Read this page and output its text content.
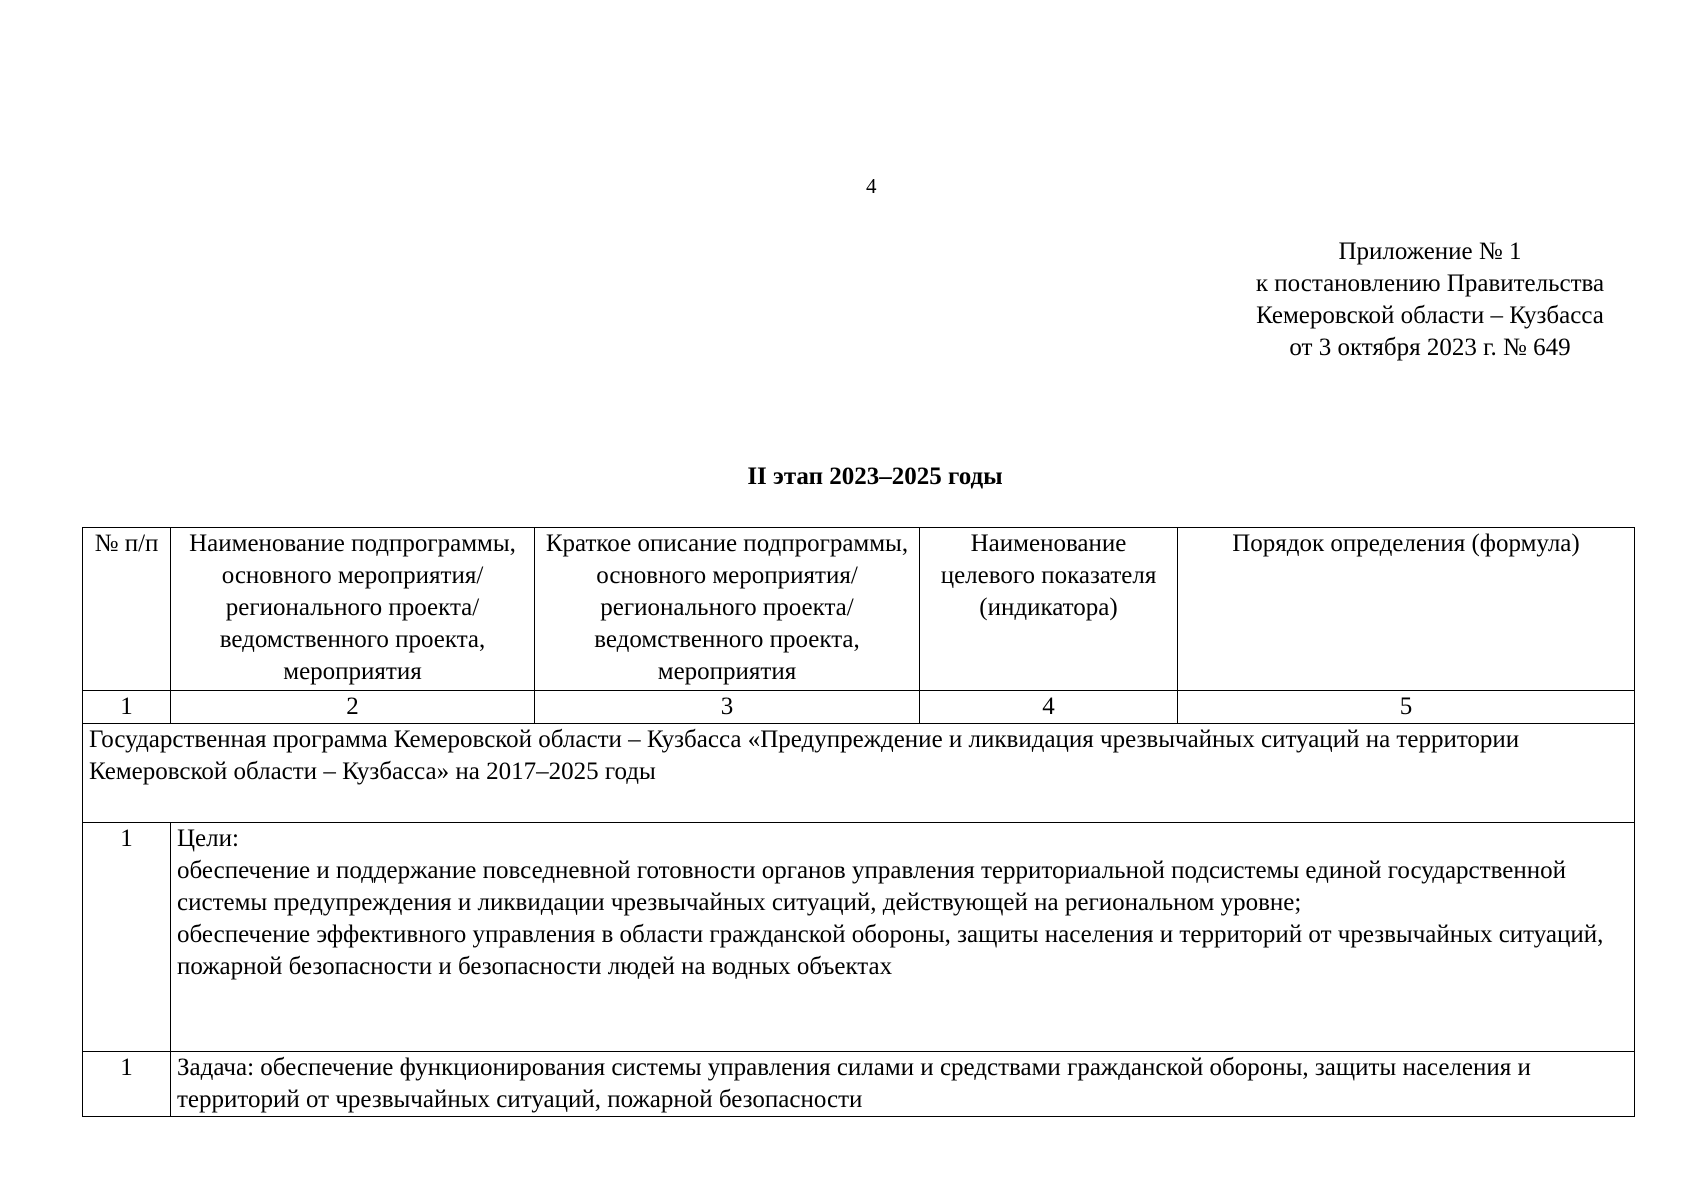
4
Приложение № 1
к постановлению Правительства
Кемеровской области – Кузбасса
от 3 октября 2023 г. № 649
II этап 2023–2025 годы
№ п/п	Наименование подпрограммы, основного мероприятия/регионального проекта/ведомственного проекта, мероприятия	Краткое описание подпрограммы, основного мероприятия/регионального проекта/ведомственного проекта, мероприятия	Наименование целевого показателя (индикатора)	Порядок определения (формула)
1	2	3	4	5
Государственная программа Кемеровской области – Кузбасса «Предупреждение и ликвидация чрезвычайных ситуаций на территории Кемеровской области – Кузбасса» на 2017–2025 годы				
1	Цели:
обеспечение и поддержание повседневной готовности органов управления территориальной подсистемы единой государственной системы предупреждения и ликвидации чрезвычайных ситуаций, действующей на региональном уровне;
обеспечение эффективного управления в области гражданской обороны, защиты населения и территорий от чрезвычайных ситуаций, пожарной безопасности и безопасности людей на водных объектах			

1	Задача: обеспечение функционирования системы управления силами и средствами гражданской обороны, защиты населения и территорий от чрезвычайных ситуаций, пожарной безопасности			
